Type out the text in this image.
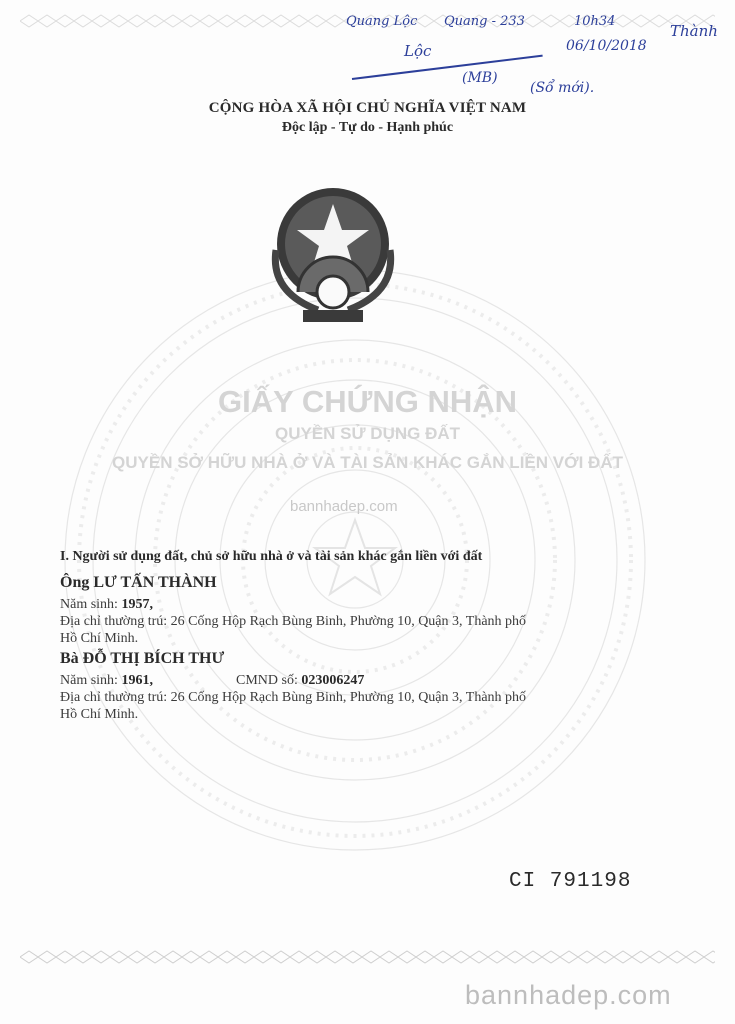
Quang Lộc Quang - 233	10h34
06/10/2018
Thành
Lộc
(MB)
(Sổ mới).
CỘNG HÒA XÃ HỘI CHỦ NGHĨA VIỆT NAM
Độc lập - Tự do - Hạnh phúc
GIẤY CHỨNG NHẬN
QUYỀN SỬ DỤNG ĐẤT
QUYỀN SỞ HỮU NHÀ Ở VÀ TÀI SẢN KHÁC GẮN LIỀN VỚI ĐẤT
bannhadep.com
I. Người sử dụng đất, chủ sở hữu nhà ở và tài sản khác gắn liền với đất
Ông LƯ TẤN THÀNH
Năm sinh: 1957,
Địa chỉ thường trú: 26 Cống Hộp Rạch Bùng Binh, Phường 10, Quận 3, Thành phố
Hồ Chí Minh.
Bà ĐỖ THỊ BÍCH THƯ
Năm sinh: 1961,	CMND số: 023006247
Địa chỉ thường trú: 26 Cống Hộp Rạch Bùng Binh, Phường 10, Quận 3, Thành phố
Hồ Chí Minh.
CI 791198
bannhadep.com
